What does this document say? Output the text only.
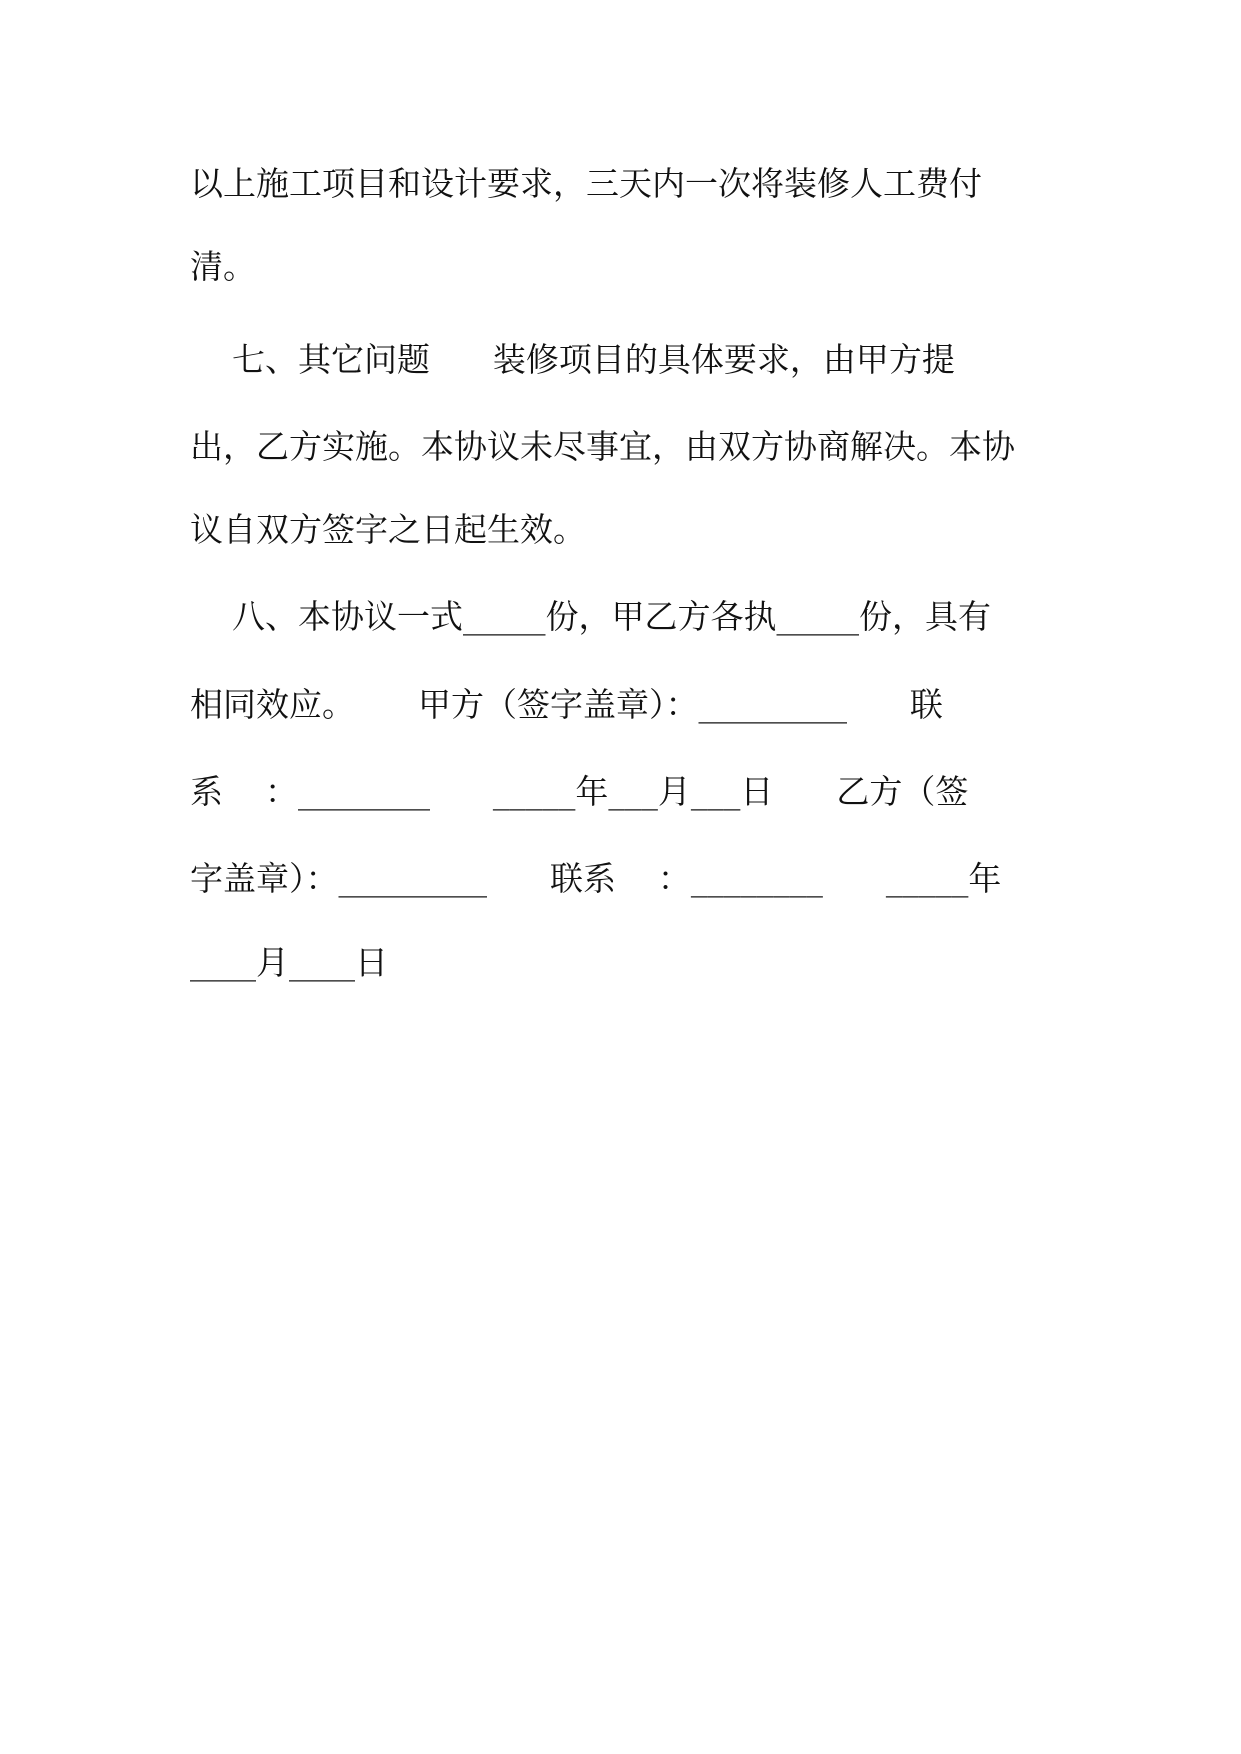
以上施工项目和设计要求，三天内一次将装修人工费付
清。
七、其它问题      装修项目的具体要求，由甲方提
出，乙方实施。本协议未尽事宜，由双方协商解决。本协
议自双方签字之日起生效。
八、本协议一式_____份，甲乙方各执_____份，具有
相同效应。      甲方（签字盖章）：_________      联
系    ：________      _____年___月___日      乙方（签
字盖章）：_________      联系    ：________      _____年
____月____日
